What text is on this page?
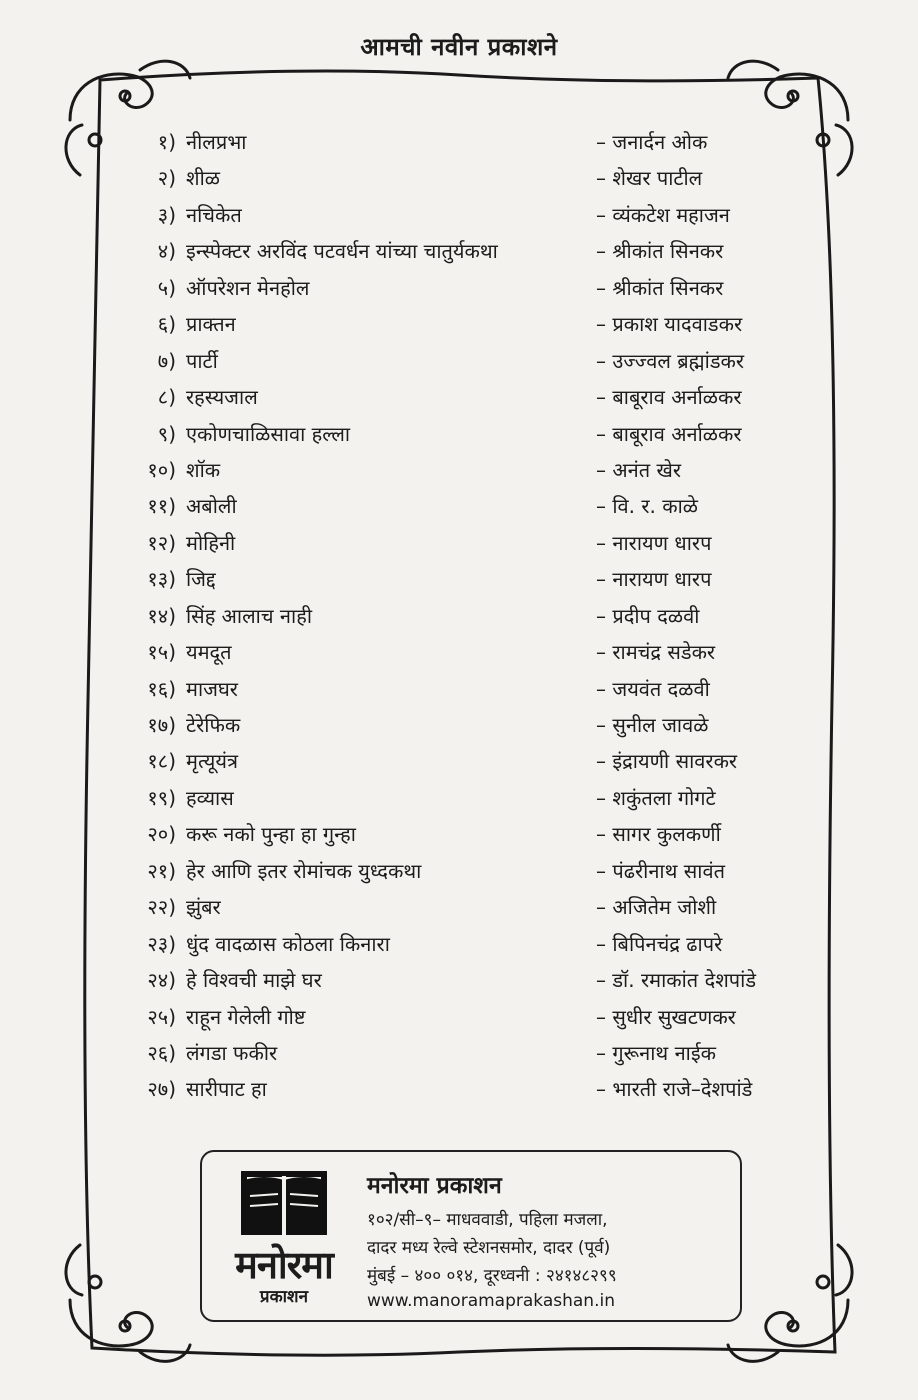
आमची नवीन प्रकाशने
१) नीलप्रभा	– जनार्दन ओक
२) शीळ	– शेखर पाटील
३) नचिकेत	– व्यंकटेश महाजन
४) इन्स्पेक्टर अरविंद पटवर्धन यांच्या चातुर्यकथा	– श्रीकांत सिनकर
५) ऑपरेशन मेनहोल	– श्रीकांत सिनकर
६) प्राक्तन	– प्रकाश यादवाडकर
७) पार्टी	– उज्ज्वल ब्रह्मांडकर
८) रहस्यजाल	– बाबूराव अर्नाळकर
९) एकोणचाळिसावा हल्ला	– बाबूराव अर्नाळकर
१०) शॉक	– अनंत खेर
११) अबोली	– वि. र. काळे
१२) मोहिनी	– नारायण धारप
१३) जिद्द	– नारायण धारप
१४) सिंह आलाच नाही	– प्रदीप दळवी
१५) यमदूत	– रामचंद्र सडेकर
१६) माजघर	– जयवंत दळवी
१७) टेरेफिक	– सुनील जावळे
१८) मृत्यूयंत्र	– इंद्रायणी सावरकर
१९) हव्यास	– शकुंतला गोगटे
२०) करू नको पुन्हा हा गुन्हा	– सागर कुलकर्णी
२१) हेर आणि इतर रोमांचक युध्दकथा	– पंढरीनाथ सावंत
२२) झुंबर	– अजितेम जोशी
२३) धुंद वादळास कोठला किनारा	– बिपिनचंद्र ढापरे
२४) हे विश्वची माझे घर	– डॉ. रमाकांत देशपांडे
२५) राहून गेलेली गोष्ट	– सुधीर सुखटणकर
२६) लंगडा फकीर	– गुरूनाथ नाईक
२७) सारीपाट हा	– भारती राजे–देशपांडे
मनोरमा
प्रकाशन
मनोरमा प्रकाशन
१०२/सी–९– माधववाडी, पहिला मजला,
दादर मध्य रेल्वे स्टेशनसमोर, दादर (पूर्व)
मुंबई – ४०० ०१४, दूरध्वनी : २४१४८२९९
www.manoramaprakashan.in
